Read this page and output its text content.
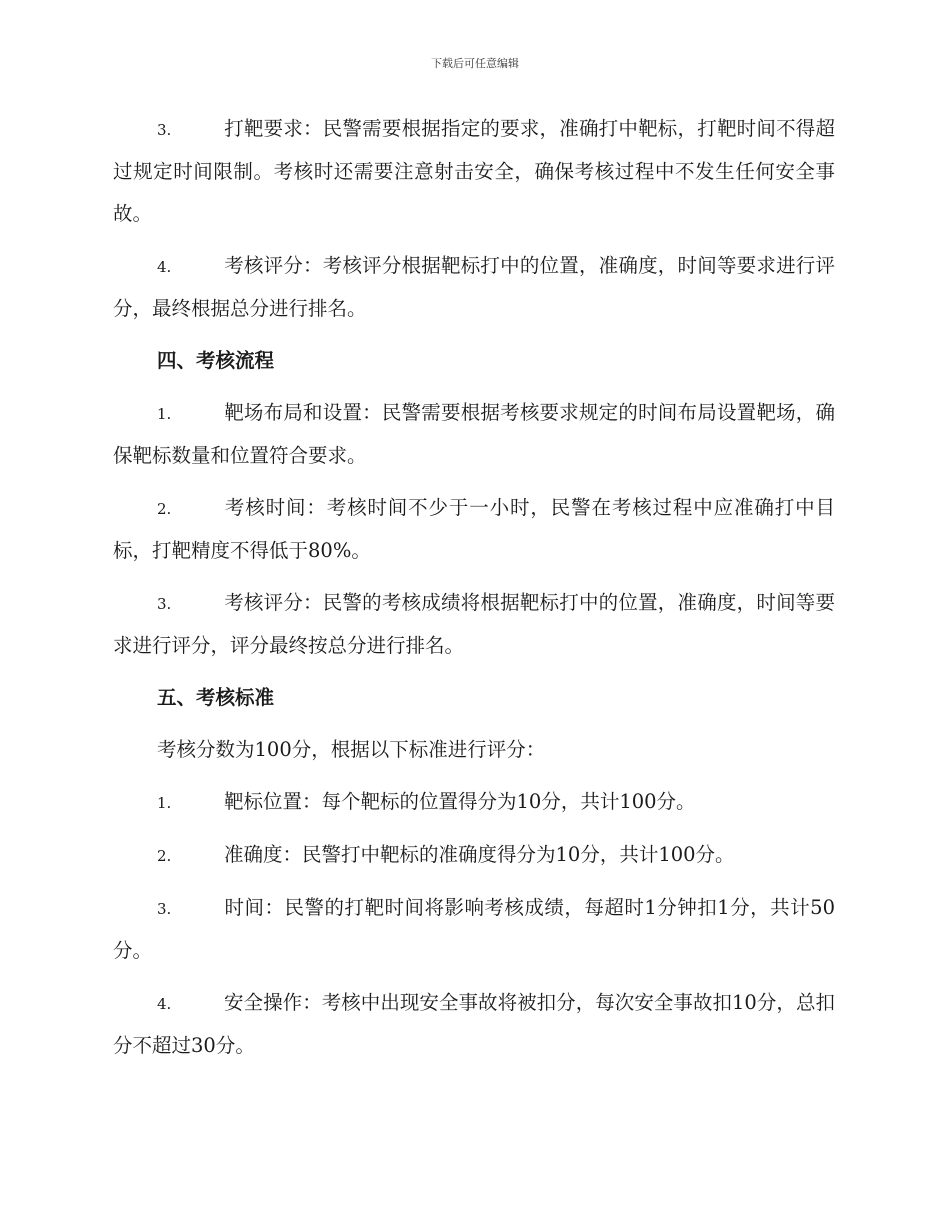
下载后可任意编辑
3.	打靶要求：民警需要根据指定的要求，准确打中靶标，打靶时间不得超过规定时间限制。考核时还需要注意射击安全，确保考核过程中不发生任何安全事故。
4.	考核评分：考核评分根据靶标打中的位置，准确度，时间等要求进行评分，最终根据总分进行排名。
四、考核流程
1.	靶场布局和设置：民警需要根据考核要求规定的时间布局设置靶场，确保靶标数量和位置符合要求。
2.	考核时间：考核时间不少于一小时，民警在考核过程中应准确打中目标，打靶精度不得低于80%。
3.	考核评分：民警的考核成绩将根据靶标打中的位置，准确度，时间等要求进行评分，评分最终按总分进行排名。
五、考核标准
考核分数为100分，根据以下标准进行评分：
1.	靶标位置：每个靶标的位置得分为10分，共计100分。
2.	准确度：民警打中靶标的准确度得分为10分，共计100分。
3.	时间：民警的打靶时间将影响考核成绩，每超时1分钟扣1分，共计50分。
4.	安全操作：考核中出现安全事故将被扣分，每次安全事故扣10分，总扣分不超过30分。
